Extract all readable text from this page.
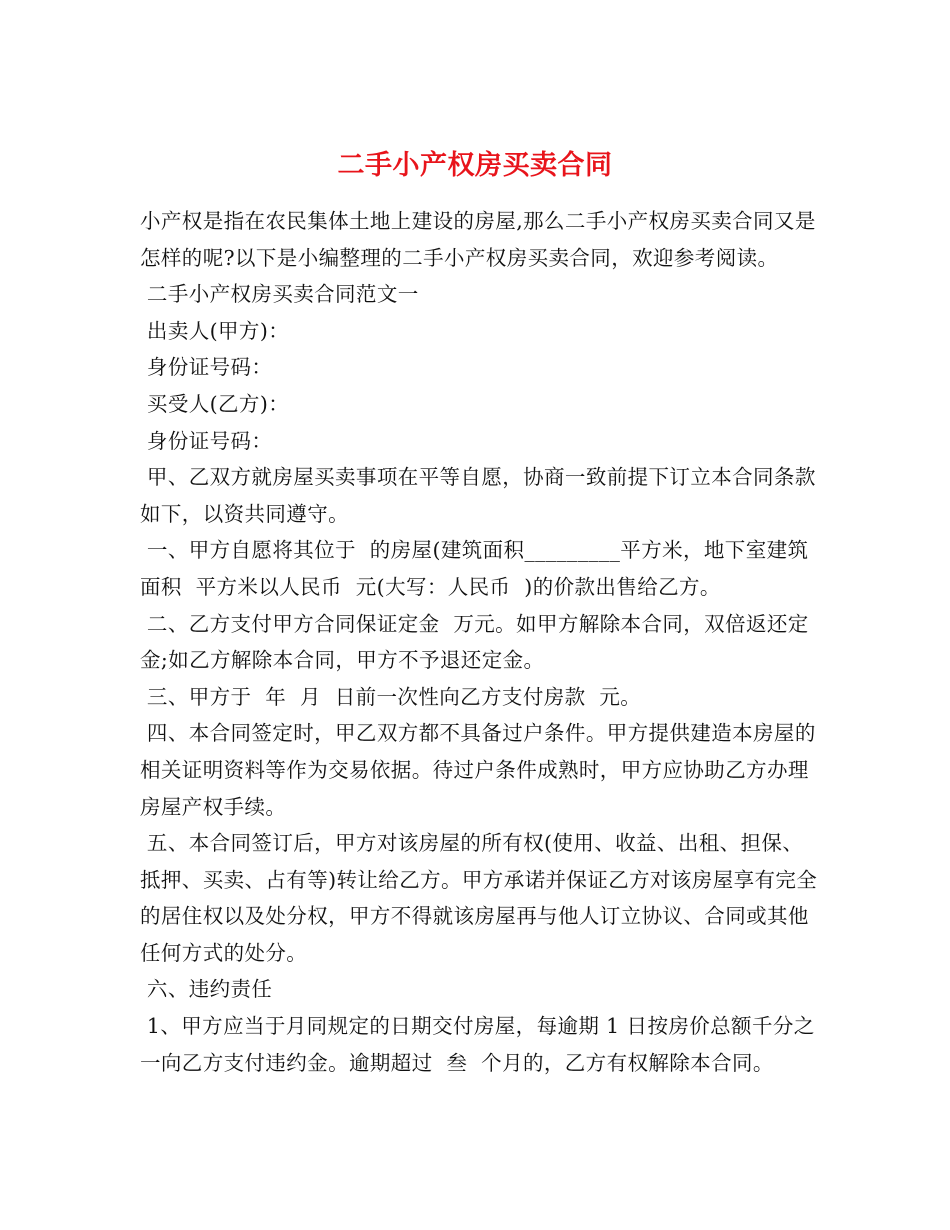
二手小产权房买卖合同

小产权是指在农民集体土地上建设的房屋,那么二手小产权房买卖合同又是怎样的呢?以下是小编整理的二手小产权房买卖合同，欢迎参考阅读。

二手小产权房买卖合同范文一

出卖人(甲方)：

身份证号码：

买受人(乙方)：

身份证号码：

甲、乙双方就房屋买卖事项在平等自愿，协商一致前提下订立本合同条款如下，以资共同遵守。

一、甲方自愿将其位于  的房屋(建筑面积_________平方米，地下室建筑面积  平方米以人民币  元(大写：人民币  )的价款出售给乙方。

二、乙方支付甲方合同保证定金  万元。如甲方解除本合同，双倍返还定金;如乙方解除本合同，甲方不予退还定金。

三、甲方于  年  月  日前一次性向乙方支付房款  元。

四、本合同签定时，甲乙双方都不具备过户条件。甲方提供建造本房屋的相关证明资料等作为交易依据。待过户条件成熟时，甲方应协助乙方办理房屋产权手续。

五、本合同签订后，甲方对该房屋的所有权(使用、收益、出租、担保、抵押、买卖、占有等)转让给乙方。甲方承诺并保证乙方对该房屋享有完全的居住权以及处分权，甲方不得就该房屋再与他人订立协议、合同或其他任何方式的处分。

六、违约责任

1、甲方应当于月同规定的日期交付房屋，每逾期 1 日按房价总额千分之一向乙方支付违约金。逾期超过  叁  个月的，乙方有权解除本合同。
